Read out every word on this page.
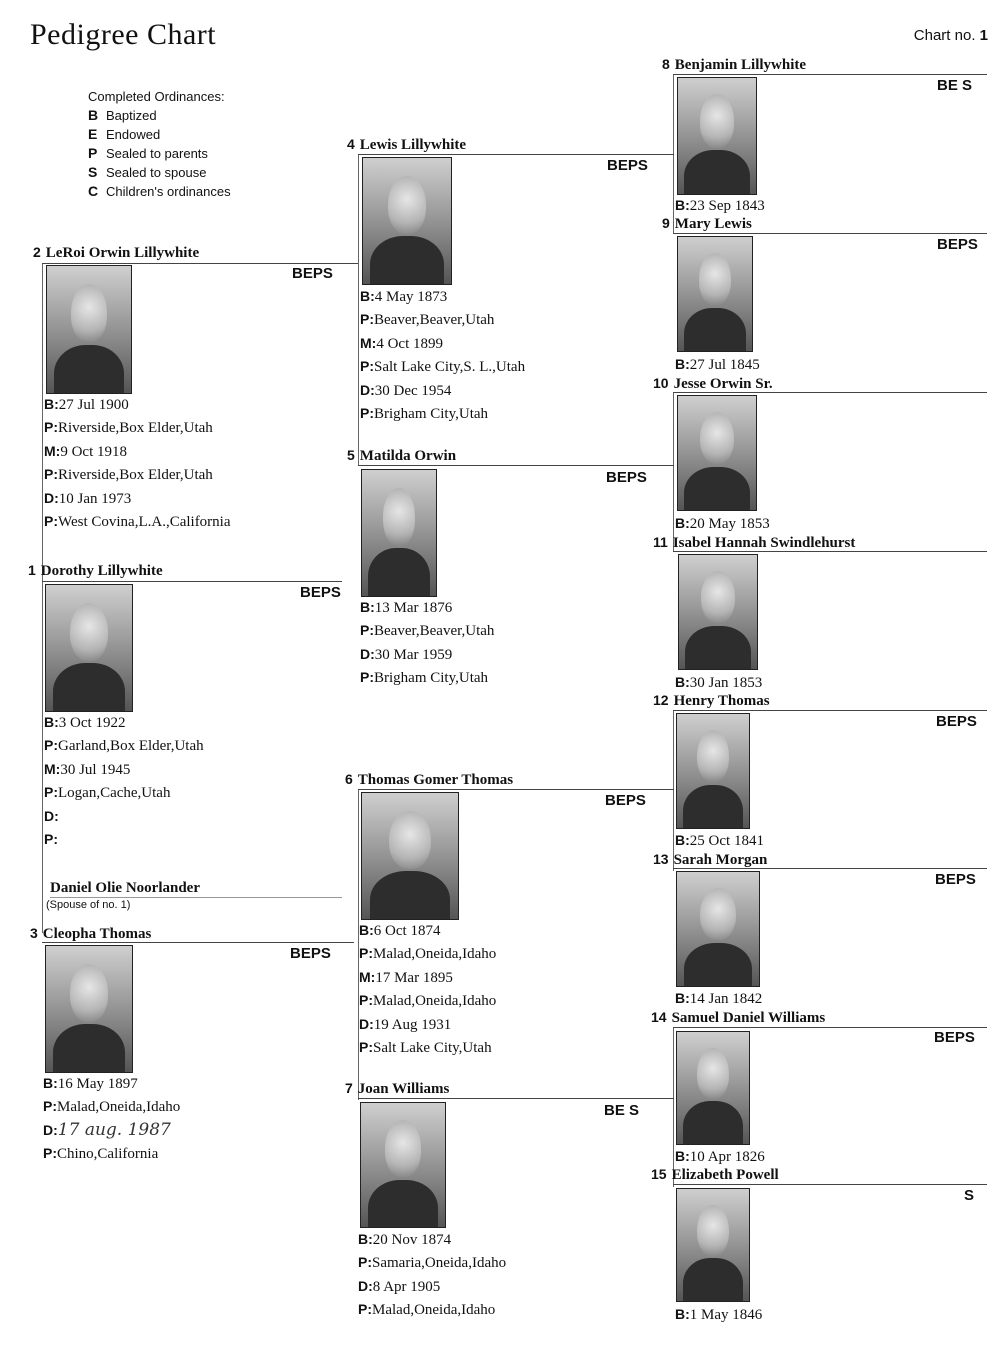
Pedigree Chart	Chart no. 1
Completed Ordinances:
B Baptized
E Endowed
P Sealed to parents
S Sealed to spouse
C Children's ordinances
1 Dorothy Lillywhite
BEPS
B:3 Oct 1922
P:Garland,Box Elder,Utah
M:30 Jul 1945
P:Logan,Cache,Utah
D:
P:
2 LeRoi Orwin Lillywhite
BEPS
B:27 Jul 1900
P:Riverside,Box Elder,Utah
M:9 Oct 1918
P:Riverside,Box Elder,Utah
D:10 Jan 1973
P:West Covina,L.A.,California
Daniel Olie Noorlander
(Spouse of no. 1)
3 Cleopha Thomas
BEPS
B:16 May 1897
P:Malad,Oneida,Idaho
D:17 aug. 1987
P:Chino,California
4 Lewis Lillywhite
BEPS
B:4 May 1873
P:Beaver,Beaver,Utah
M:4 Oct 1899
P:Salt Lake City,S. L.,Utah
D:30 Dec 1954
P:Brigham City,Utah
5 Matilda Orwin
BEPS
B:13 Mar 1876
P:Beaver,Beaver,Utah
D:30 Mar 1959
P:Brigham City,Utah
6 Thomas Gomer Thomas
BEPS
B:6 Oct 1874
P:Malad,Oneida,Idaho
M:17 Mar 1895
P:Malad,Oneida,Idaho
D:19 Aug 1931
P:Salt Lake City,Utah
7 Joan Williams
BE S
B:20 Nov 1874
P:Samaria,Oneida,Idaho
D:8 Apr 1905
P:Malad,Oneida,Idaho
8 Benjamin Lillywhite
BE S
B:23 Sep 1843
9 Mary Lewis
BEPS
B:27 Jul 1845
10 Jesse Orwin Sr.
B:20 May 1853
11 Isabel Hannah Swindlehurst
B:30 Jan 1853
12 Henry Thomas
BEPS
B:25 Oct 1841
13 Sarah Morgan
BEPS
B:14 Jan 1842
14 Samuel Daniel Williams
BEPS
B:10 Apr 1826
15 Elizabeth Powell
S
B:1 May 1846
